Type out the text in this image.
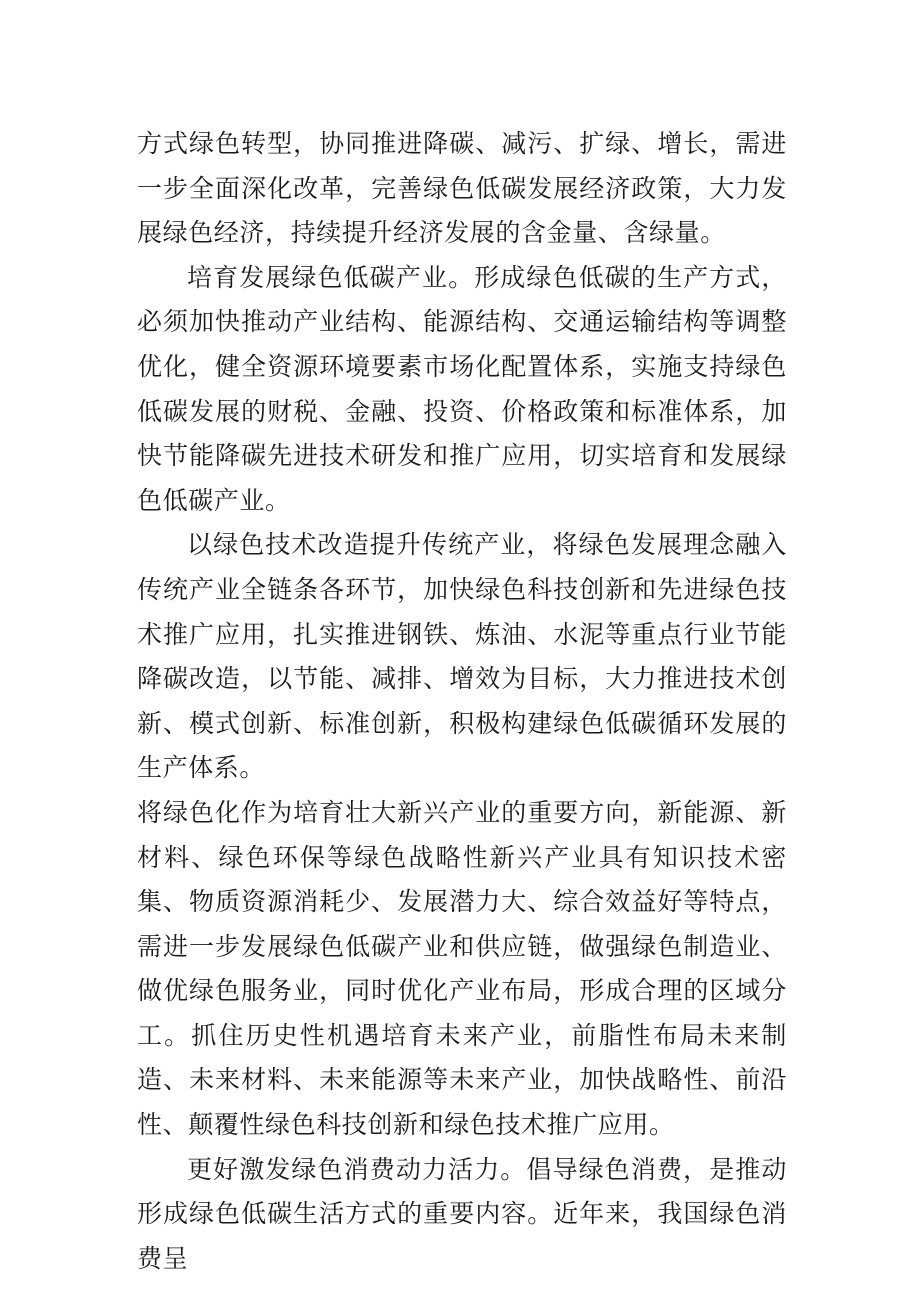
方式绿色转型，协同推进降碳、减污、扩绿、增长，需进一步全面深化改革，完善绿色低碳发展经济政策，大力发展绿色经济，持续提升经济发展的含金量、含绿量。

培育发展绿色低碳产业。形成绿色低碳的生产方式，必须加快推动产业结构、能源结构、交通运输结构等调整优化，健全资源环境要素市场化配置体系，实施支持绿色低碳发展的财税、金融、投资、价格政策和标准体系，加快节能降碳先进技术研发和推广应用，切实培育和发展绿色低碳产业。

以绿色技术改造提升传统产业，将绿色发展理念融入传统产业全链条各环节，加快绿色科技创新和先进绿色技术推广应用，扎实推进钢铁、炼油、水泥等重点行业节能降碳改造，以节能、减排、增效为目标，大力推进技术创新、模式创新、标准创新，积极构建绿色低碳循环发展的生产体系。

将绿色化作为培育壮大新兴产业的重要方向，新能源、新材料、绿色环保等绿色战略性新兴产业具有知识技术密集、物质资源消耗少、发展潜力大、综合效益好等特点，需进一步发展绿色低碳产业和供应链，做强绿色制造业、做优绿色服务业，同时优化产业布局，形成合理的区域分工。抓住历史性机遇培育未来产业，前脂性布局未来制造、未来材料、未来能源等未来产业，加快战略性、前沿性、颠覆性绿色科技创新和绿色技术推广应用。

更好激发绿色消费动力活力。倡导绿色消费，是推动形成绿色低碳生活方式的重要内容。近年来，我国绿色消费呈
